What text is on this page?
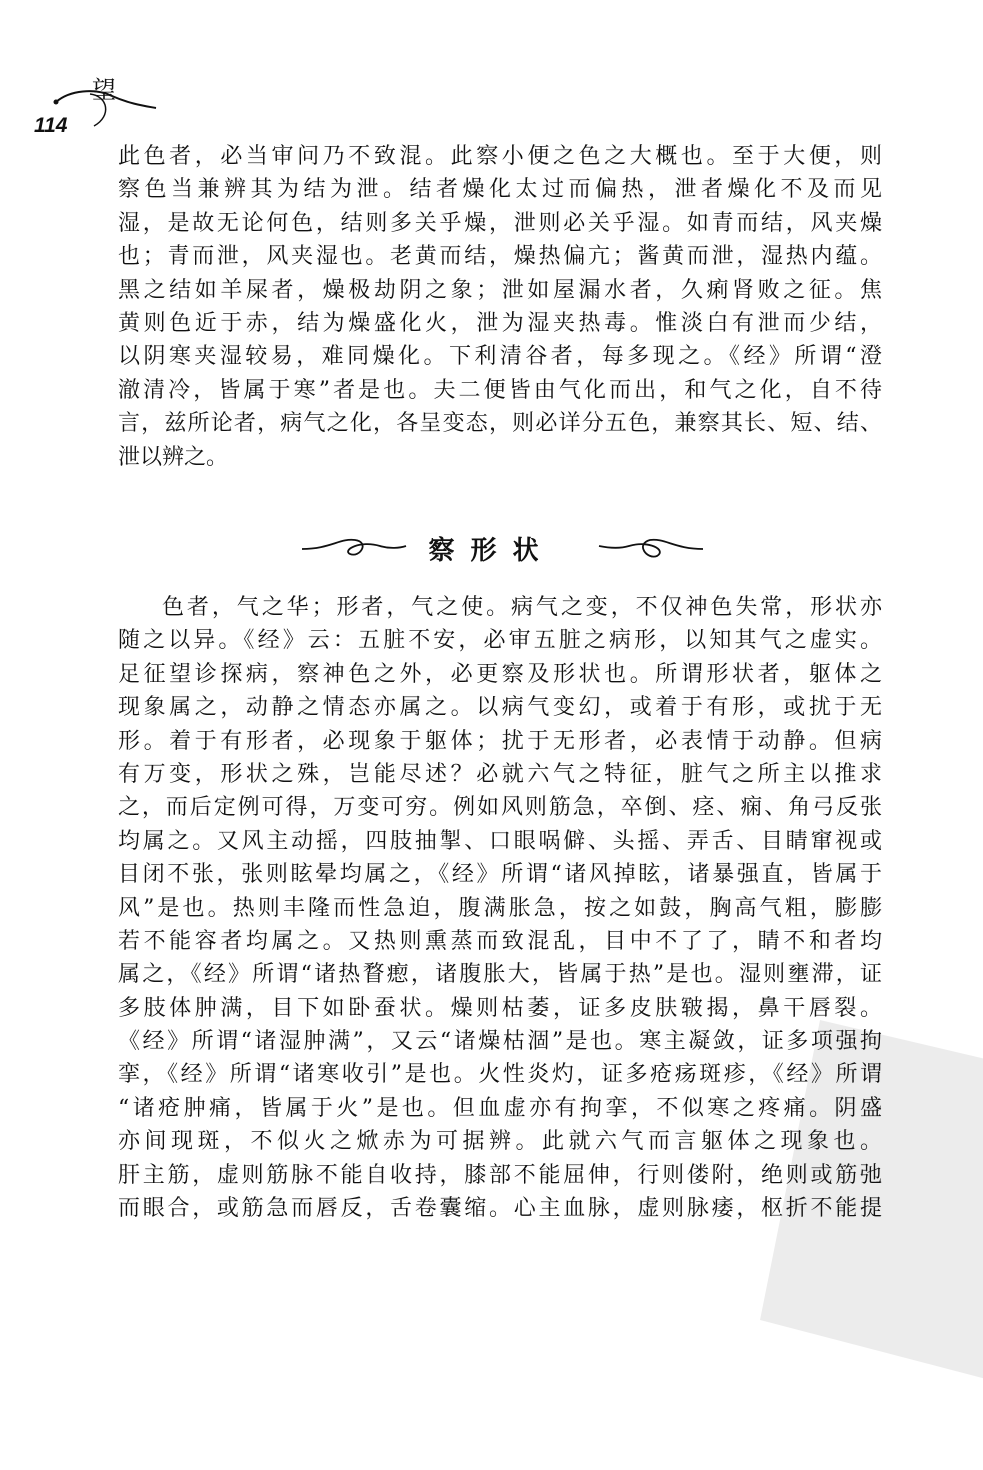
望
114
此色者，必当审问乃不致混。此察小便之色之大概也。至于大便，则
察色当兼辨其为结为泄。结者燥化太过而偏热，泄者燥化不及而见
湿，是故无论何色，结则多关乎燥，泄则必关乎湿。如青而结，风夹燥
也；青而泄，风夹湿也。老黄而结，燥热偏亢；酱黄而泄，湿热内蕴。
黑之结如羊屎者，燥极劫阴之象；泄如屋漏水者，久痢肾败之征。焦
黄则色近于赤，结为燥盛化火，泄为湿夹热毒。惟淡白有泄而少结，
以阴寒夹湿较易，难同燥化。下利清谷者，每多现之。《经》所谓“澄
澈清冷，皆属于寒”者是也。夫二便皆由气化而出，和气之化，自不待
言，兹所论者，病气之化，各呈变态，则必详分五色，兼察其长、短、结、
泄以辨之。
察形状
色者，气之华；形者，气之使。病气之变，不仅神色失常，形状亦
随之以异。《经》云：五脏不安，必审五脏之病形，以知其气之虚实。
足征望诊探病，察神色之外，必更察及形状也。所谓形状者，躯体之
现象属之，动静之情态亦属之。以病气变幻，或着于有形，或扰于无
形。着于有形者，必现象于躯体；扰于无形者，必表情于动静。但病
有万变，形状之殊，岂能尽述？必就六气之特征，脏气之所主以推求
之，而后定例可得，万变可穷。例如风则筋急，卒倒、痉、痫、角弓反张
均属之。又风主动摇，四肢抽掣、口眼㖞僻、头摇、弄舌、目睛窜视或
目闭不张，张则眩晕均属之，《经》所谓“诸风掉眩，诸暴强直，皆属于
风”是也。热则丰隆而性急迫，腹满胀急，按之如鼓，胸高气粗，膨膨
若不能容者均属之。又热则熏蒸而致混乱，目中不了了，睛不和者均
属之，《经》所谓“诸热瞀瘛，诸腹胀大，皆属于热”是也。湿则壅滞，证
多肢体肿满，目下如卧蚕状。燥则枯萎，证多皮肤皲揭，鼻干唇裂。
《经》所谓“诸湿肿满”，又云“诸燥枯涸”是也。寒主凝敛，证多项强拘
挛，《经》所谓“诸寒收引”是也。火性炎灼，证多疮疡斑疹，《经》所谓
“诸疮肿痛，皆属于火”是也。但血虚亦有拘挛，不似寒之疼痛。阴盛
亦间现斑，不似火之焮赤为可据辨。此就六气而言躯体之现象也。
肝主筋，虚则筋脉不能自收持，膝部不能屈伸，行则偻附，绝则或筋弛
而眼合，或筋急而唇反，舌卷囊缩。心主血脉，虚则脉痿，枢折不能提
